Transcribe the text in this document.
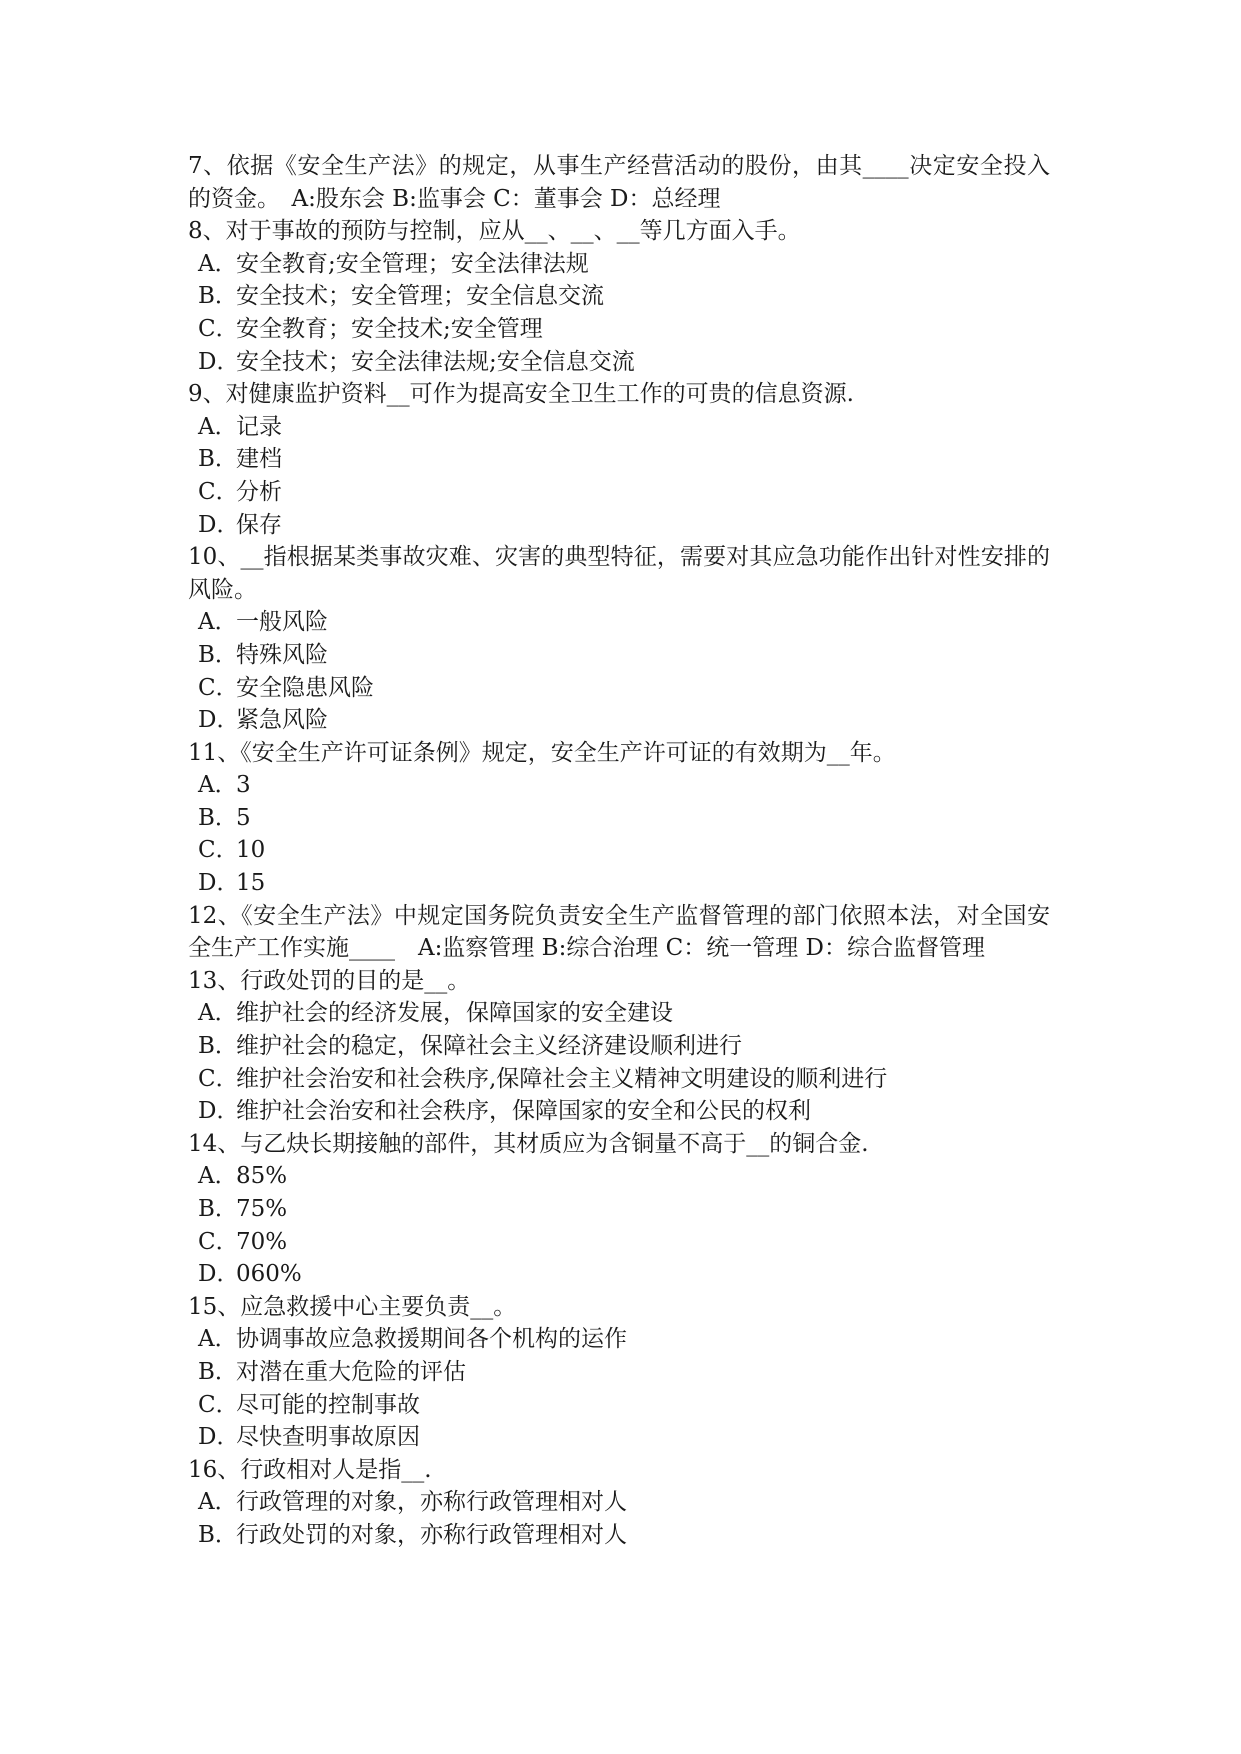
7、依据《安全生产法》的规定，从事生产经营活动的股份，由其____决定安全投入的资金。　A:股东会 B:监事会 C：董事会 D：总经理

8、对于事故的预防与控制，应从__、__、__等几方面入手。

A．安全教育;安全管理；安全法律法规
B．安全技术；安全管理；安全信息交流
C．安全教育；安全技术;安全管理
D．安全技术；安全法律法规;安全信息交流

9、对健康监护资料__可作为提高安全卫生工作的可贵的信息资源.

A．记录
B．建档
C．分析
D．保存

10、__指根据某类事故灾难、灾害的典型特征，需要对其应急功能作出针对性安排的风险。

A．一般风险
B．特殊风险
C．安全隐患风险
D．紧急风险

11、《安全生产许可证条例》规定，安全生产许可证的有效期为__年。

A．3
B．5
C．10
D．15

12、《安全生产法》中规定国务院负责安全生产监督管理的部门依照本法，对全国安全生产工作实施____　A:监察管理 B:综合治理 C：统一管理 D：综合监督管理

13、行政处罚的目的是__。

A．维护社会的经济发展，保障国家的安全建设
B．维护社会的稳定，保障社会主义经济建设顺利进行
C．维护社会治安和社会秩序,保障社会主义精神文明建设的顺利进行
D．维护社会治安和社会秩序，保障国家的安全和公民的权利

14、与乙炔长期接触的部件，其材质应为含铜量不高于__的铜合金.

A．85%
B．75%
C．70%
D．060%

15、应急救援中心主要负责__。

A．协调事故应急救援期间各个机构的运作
B．对潜在重大危险的评估
C．尽可能的控制事故
D．尽快查明事故原因

16、行政相对人是指__.

A．行政管理的对象，亦称行政管理相对人
B．行政处罚的对象，亦称行政管理相对人
